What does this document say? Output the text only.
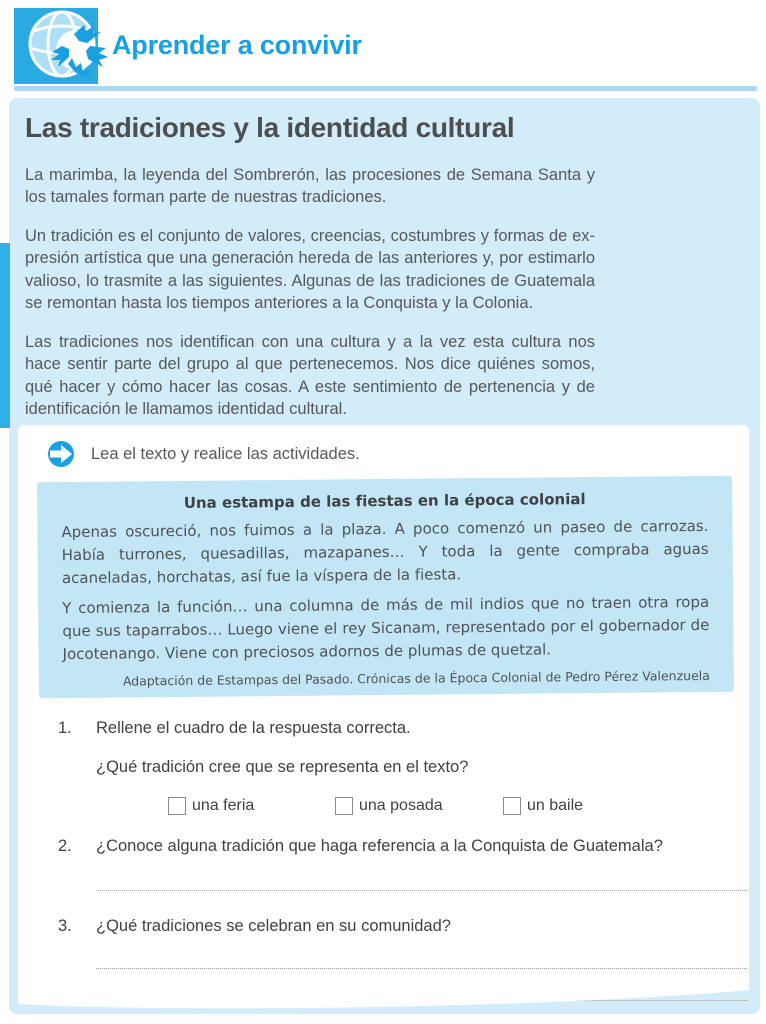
Aprender a convivir
Las tradiciones y la identidad cultural

La marimba, la leyenda del Sombrerón, las procesiones de Semana Santa y los tamales forman parte de nuestras tradiciones.

Un tradición es el conjunto de valores, creencias, costumbres y formas de expresión artística que una generación hereda de las anteriores y, por estimarlo valioso, lo trasmite a las siguientes. Algunas de las tradiciones de Guatemala se remontan hasta los tiempos anteriores a la Conquista y la Colonia.

Las tradiciones nos identifican con una cultura y a la vez esta cultura nos hace sentir parte del grupo al que pertenecemos. Nos dice quiénes somos, qué hacer y cómo hacer las cosas. A este sentimiento de pertenencia y de identificación le llamamos identidad cultural.

Lea el texto y realice las actividades.
Una estampa de las fiestas en la época colonial

Apenas oscureció, nos fuimos a la plaza. A poco comenzó un paseo de carrozas. Había turrones, quesadillas, mazapanes… Y toda la gente compraba aguas acaneladas, horchatas, así fue la víspera de la fiesta.

Y comienza la función… una columna de más de mil indios que no traen otra ropa que sus taparrabos… Luego viene el rey Sicanam, representado por el gobernador de Jocotenango. Viene con preciosos adornos de plumas de quetzal.

Adaptación de Estampas del Pasado. Crónicas de la Época Colonial de Pedro Pérez Valenzuela
1.	Rellene el cuadro de la respuesta correcta.
¿Qué tradición cree que se representa en el texto?
una feria	una posada	un baile
2.	¿Conoce alguna tradición que haga referencia a la Conquista de Guatemala?
3.	¿Qué tradiciones se celebran en su comunidad?
